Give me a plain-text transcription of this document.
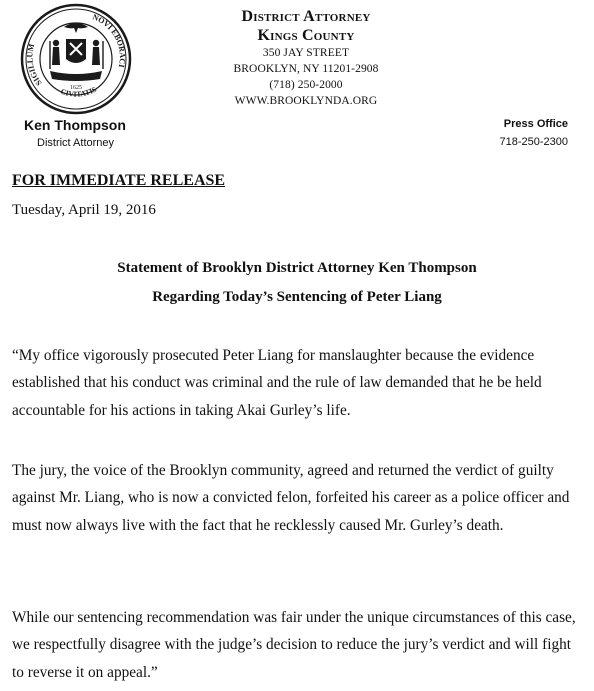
SIGILLUM
NOVI EBORACI
CIVITATIS
1625
District Attorney
Kings County
350 JAY STREET
BROOKLYN, NY 11201-2908
(718) 250-2000
WWW.BROOKLYNDA.ORG
Ken Thompson
District Attorney
Press Office
718-250-2300
FOR IMMEDIATE RELEASE
Tuesday, April 19, 2016
Statement of Brooklyn District Attorney Ken Thompson
Regarding Today’s Sentencing of Peter Liang

“My office vigorously prosecuted Peter Liang for manslaughter because the evidence established that his conduct was criminal and the rule of law demanded that he be held accountable for his actions in taking Akai Gurley’s life.

The jury, the voice of the Brooklyn community, agreed and returned the verdict of guilty against Mr. Liang, who is now a convicted felon, forfeited his career as a police officer and must now always live with the fact that he recklessly caused Mr. Gurley’s death.

While our sentencing recommendation was fair under the unique circumstances of this case, we respectfully disagree with the judge’s decision to reduce the jury’s verdict and will fight to reverse it on appeal.”
